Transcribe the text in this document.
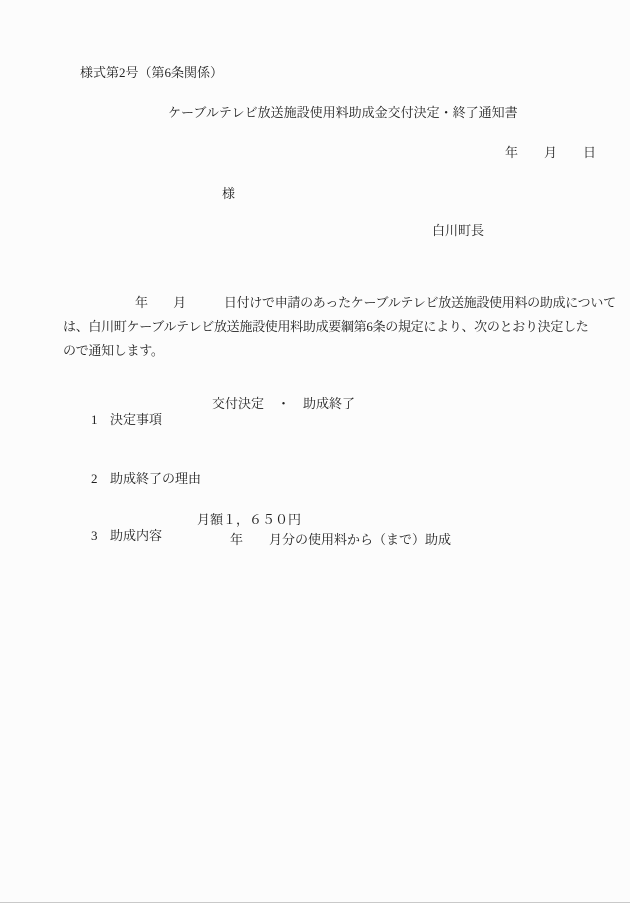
様式第2号（第6条関係）
ケーブルテレビ放送施設使用料助成金交付決定・終了通知書
年　　月　　日
様
白川町長
年　　月　　　日付けで申請のあったケーブルテレビ放送施設使用料の助成について
は、白川町ケーブルテレビ放送施設使用料助成要綱第6条の規定により、次のとおり決定した
ので通知します。

1 決定事項

交付決定　・　助成終了

2 助成終了の理由

3 助成内容

月額１，６５０円

年　　月分の使用料から（まで）助成
